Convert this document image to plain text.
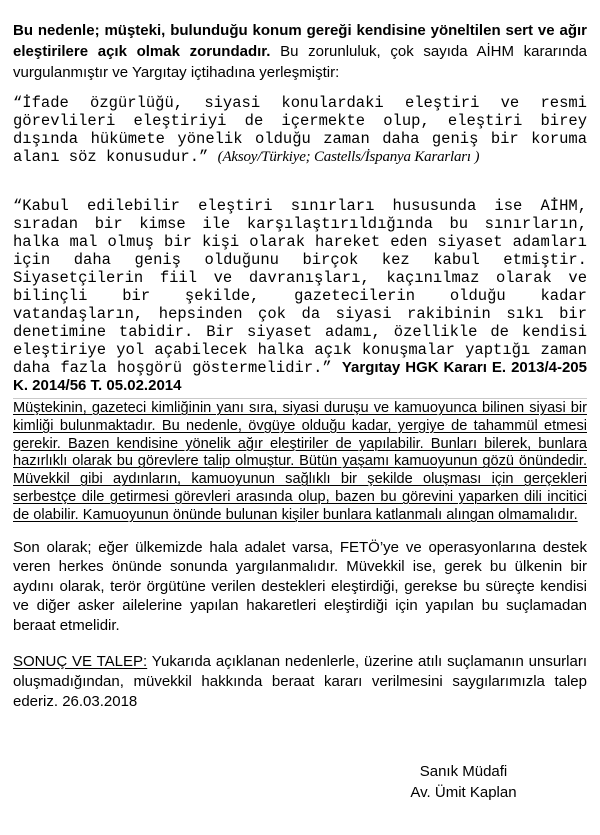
Bu nedenle; müşteki, bulunduğu konum gereği kendisine yöneltilen sert ve ağır eleştirilere açık olmak zorundadır. Bu zorunluluk, çok sayıda AİHM kararında vurgulanmıştır ve Yargıtay içtihadına yerleşmiştir:

“İfade özgürlüğü, siyasi konulardaki eleştiri ve resmi görevlileri eleştiriyi de içermekte olup, eleştiri birey dışında hükümete yönelik olduğu zaman daha geniş bir koruma alanı söz konusudur.” (Aksoy/Türkiye; Castells/İspanya Kararları )

“Kabul edilebilir eleştiri sınırları hususunda ise AİHM, sıradan bir kimse ile karşılaştırıldığında bu sınırların, halka mal olmuş bir kişi olarak hareket eden siyaset adamları için daha geniş olduğunu birçok kez kabul etmiştir. Siyasetçilerin fiil ve davranışları, kaçınılmaz olarak ve bilinçli bir şekilde, gazetecilerin olduğu kadar vatandaşların, hepsinden çok da siyasi rakibinin sıkı bir denetimine tabidir. Bir siyaset adamı, özellikle de kendisi eleştiriye yol açabilecek halka açık konuşmalar yaptığı zaman daha fazla hoşgörü göstermelidir.” Yargıtay HGK Kararı E. 2013/4-205 K. 2014/56 T. 05.02.2014

Müştekinin, gazeteci kimliğinin yanı sıra, siyasi duruşu ve kamuoyunca bilinen siyasi bir kimliği bulunmaktadır. Bu nedenle, övgüye olduğu kadar, yergiye de tahammül etmesi gerekir. Bazen kendisine yönelik ağır eleştiriler de yapılabilir. Bunları bilerek, bunlara hazırlıklı olarak bu görevlere talip olmuştur. Bütün yaşamı kamuoyunun gözü önündedir. Müvekkil gibi aydınların, kamuoyunun sağlıklı bir şekilde oluşması için gerçekleri serbestçe dile getirmesi görevleri arasında olup, bazen bu görevini yaparken dili incitici de olabilir. Kamuoyunun önünde bulunan kişiler bunlara katlanmalı alıngan olmamalıdır.

Son olarak; eğer ülkemizde hala adalet varsa, FETÖ’ye ve operasyonlarına destek veren herkes önünde sonunda yargılanmalıdır. Müvekkil ise, gerek bu ülkenin bir aydını olarak, terör örgütüne verilen destekleri eleştirdiği, gerekse bu süreçte kendisi ve diğer asker ailelerine yapılan hakaretleri eleştirdiği için yapılan bu suçlamadan beraat etmelidir.

SONUÇ VE TALEP: Yukarıda açıklanan nedenlerle, üzerine atılı suçlamanın unsurları oluşmadığından, müvekkil hakkında beraat kararı verilmesini saygılarımızla talep ederiz. 26.03.2018

Sanık Müdafi
Av. Ümit Kaplan
